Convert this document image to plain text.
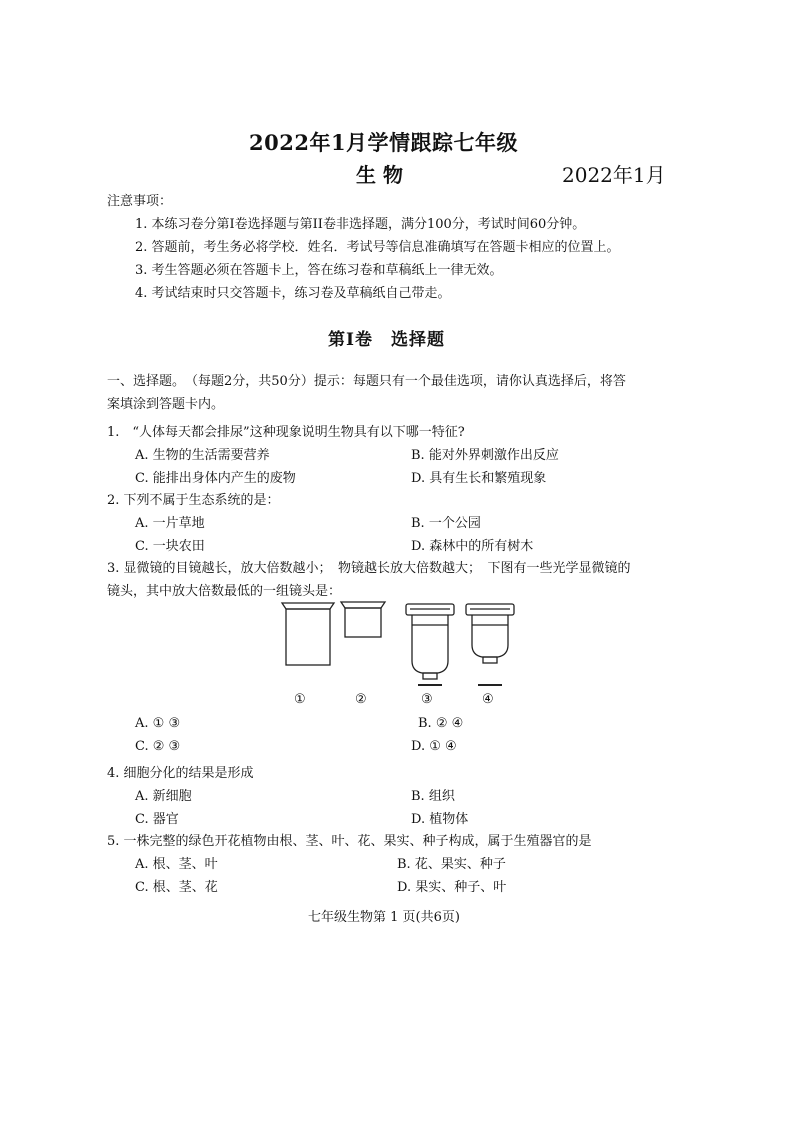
2022年1月学情跟踪七年级
生 物	2022年1月
注意事项：
1. 本练习卷分第Ⅰ卷选择题与第II卷非选择题，满分100分，考试时间60分钟。
2. 答题前，考生务必将学校．姓名．考试号等信息准确填写在答题卡相应的位置上。
3. 考生答题必须在答题卡上，答在练习卷和草稿纸上一律无效。
4. 考试结束时只交答题卡，练习卷及草稿纸自己带走。
第Ⅰ卷　选择题
一、选择题。　（每题2分，共50分）提示：每题只有一个最佳选项，请你认真选择后，将答
案填涂到答题卡内。
1.　“人体每天都会排尿”这种现象说明生物具有以下哪一特征?
A. 生物的生活需要营养	B. 能对外界刺激作出反应
C. 能排出身体内产生的废物	D. 具有生长和繁殖现象
2. 下列不属于生态系统的是：
A. 一片草地	B. 一个公园
C. 一块农田	D. 森林中的所有树木
3. 显微镜的目镜越长，放大倍数越小；　物镜越长放大倍数越大；　下图有一些光学显微镜的
镜头，其中放大倍数最低的一组镜头是：
①	②	③	④
A. ① ③	B. ② ④
C. ② ③	D. ① ④
4. 细胞分化的结果是形成
A. 新细胞	B. 组织
C. 器官	D. 植物体
5. 一株完整的绿色开花植物由根、茎、叶、花、果实、种子构成，属于生殖器官的是
A. 根、茎、叶	B. 花、果实、种子
C. 根、茎、花	D. 果实、种子、叶
七年级生物第 1 页(共6页)
